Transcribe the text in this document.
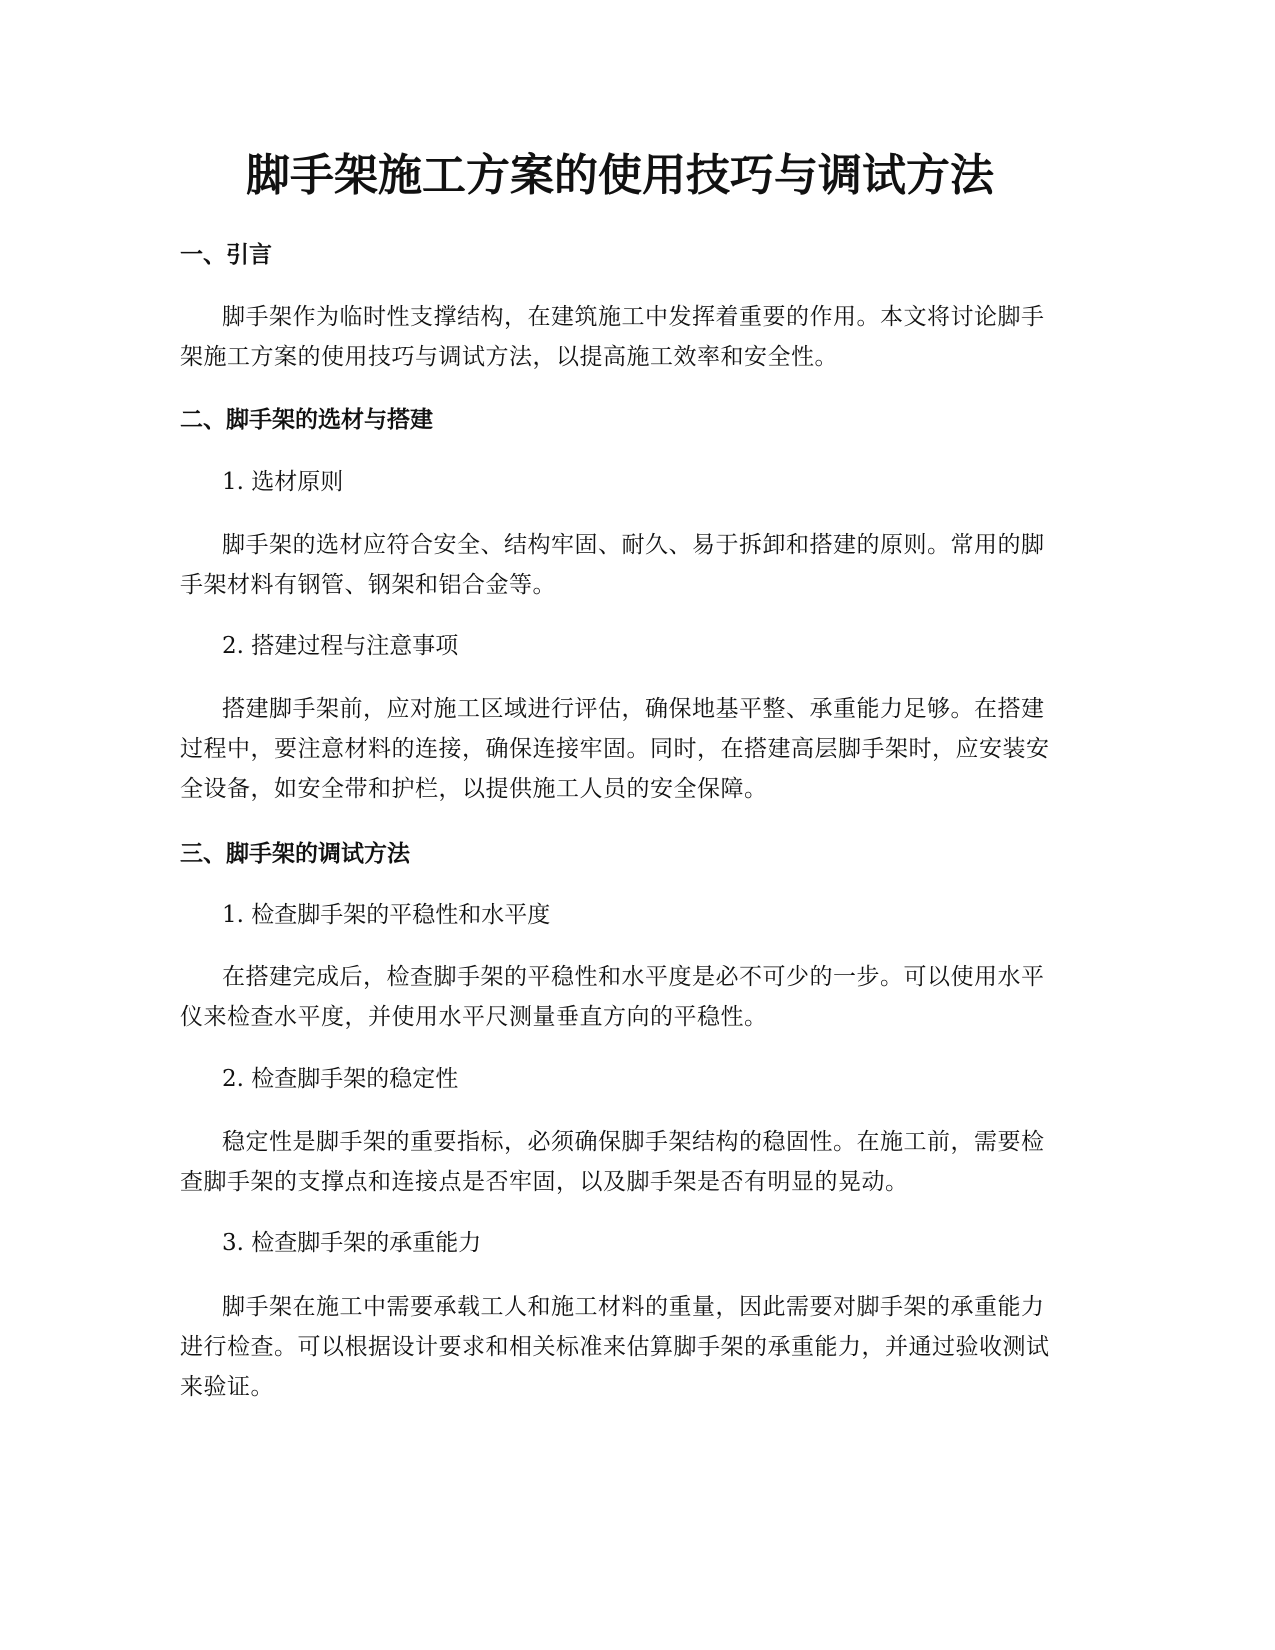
脚手架施工方案的使用技巧与调试方法
一、引言

脚手架作为临时性支撑结构，在建筑施工中发挥着重要的作用。本文将讨论脚手架施工方案的使用技巧与调试方法，以提高施工效率和安全性。

二、脚手架的选材与搭建
1. 选材原则

脚手架的选材应符合安全、结构牢固、耐久、易于拆卸和搭建的原则。常用的脚手架材料有钢管、钢架和铝合金等。

2. 搭建过程与注意事项

搭建脚手架前，应对施工区域进行评估，确保地基平整、承重能力足够。在搭建过程中，要注意材料的连接，确保连接牢固。同时，在搭建高层脚手架时，应安装安全设备，如安全带和护栏，以提供施工人员的安全保障。

三、脚手架的调试方法
1. 检查脚手架的平稳性和水平度

在搭建完成后，检查脚手架的平稳性和水平度是必不可少的一步。可以使用水平仪来检查水平度，并使用水平尺测量垂直方向的平稳性。

2. 检查脚手架的稳定性

稳定性是脚手架的重要指标，必须确保脚手架结构的稳固性。在施工前，需要检查脚手架的支撑点和连接点是否牢固，以及脚手架是否有明显的晃动。

3. 检查脚手架的承重能力

脚手架在施工中需要承载工人和施工材料的重量，因此需要对脚手架的承重能力进行检查。可以根据设计要求和相关标准来估算脚手架的承重能力，并通过验收测试来验证。
